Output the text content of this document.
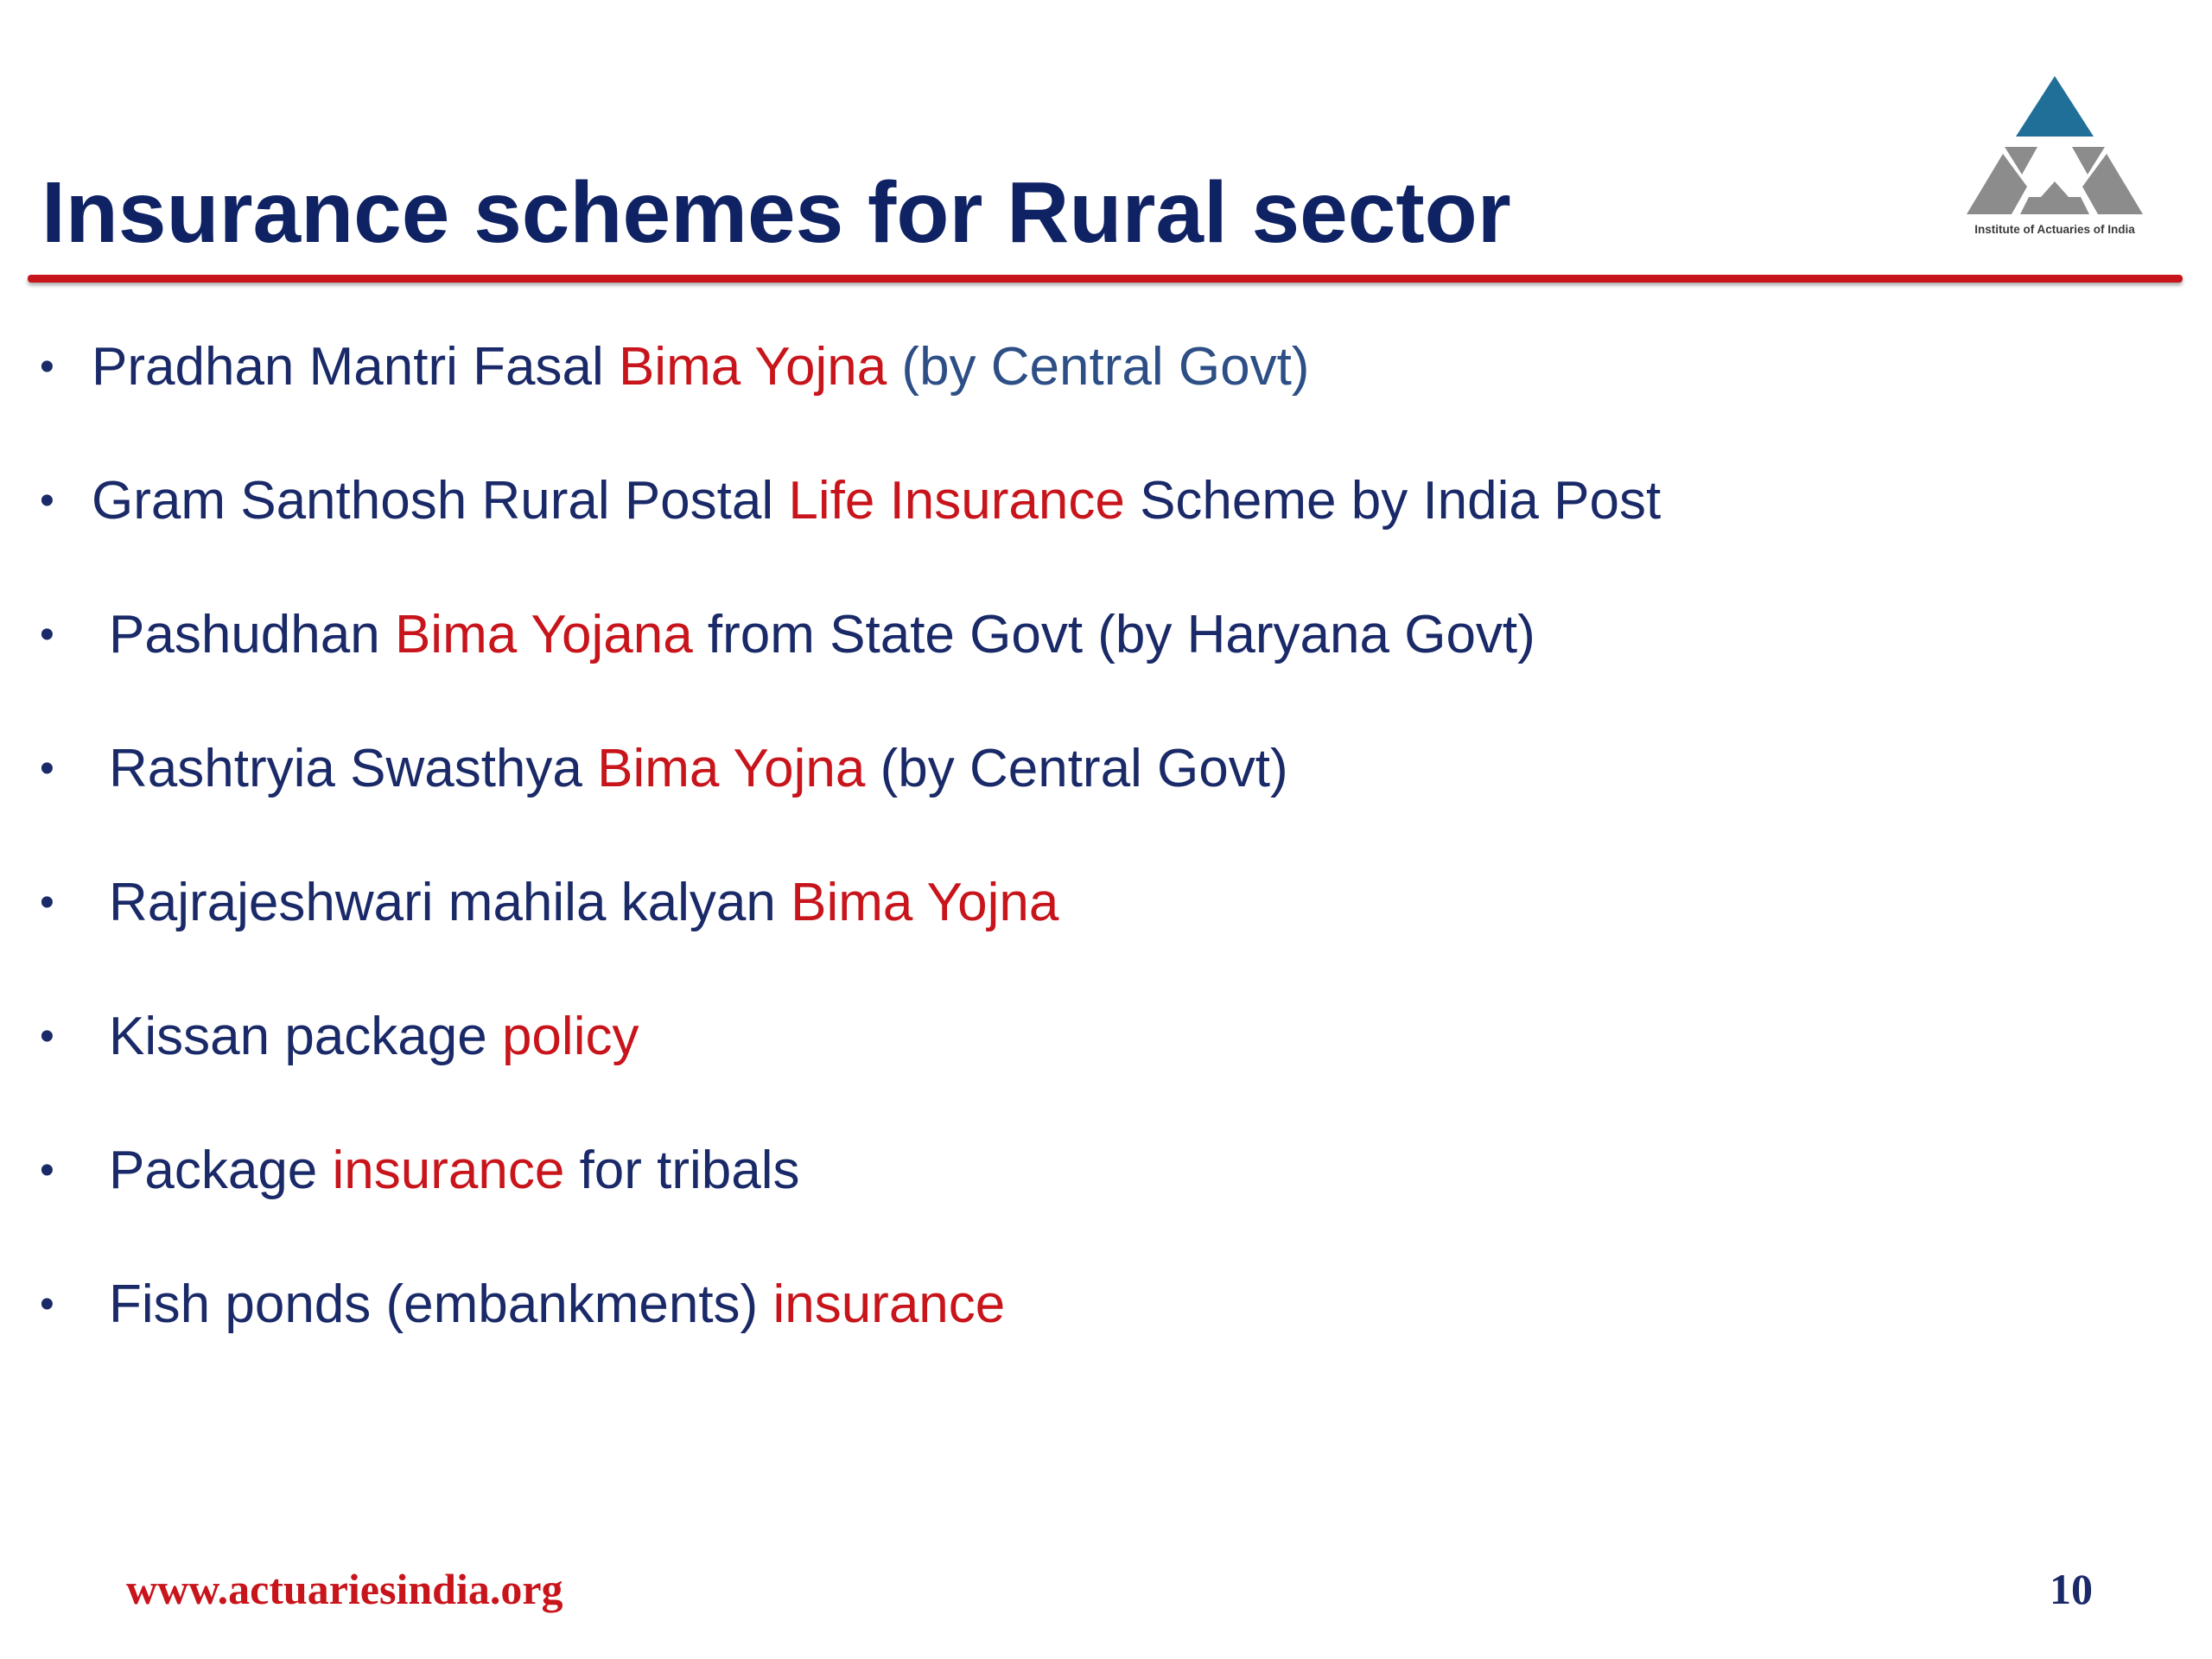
Insurance schemes for Rural sector	Institute of Actuaries of India
• Pradhan Mantri Fasal Bima Yojna (by Central Govt)
• Gram Santhosh Rural Postal Life Insurance Scheme by India Post
• Pashudhan Bima Yojana from State Govt (by Haryana Govt)
• Rashtryia Swasthya Bima Yojna (by Central Govt)
• Rajrajeshwari mahila kalyan Bima Yojna
• Kissan package policy
• Package insurance for tribals
• Fish ponds (embankments) insurance
www.actuariesindia.org	10
